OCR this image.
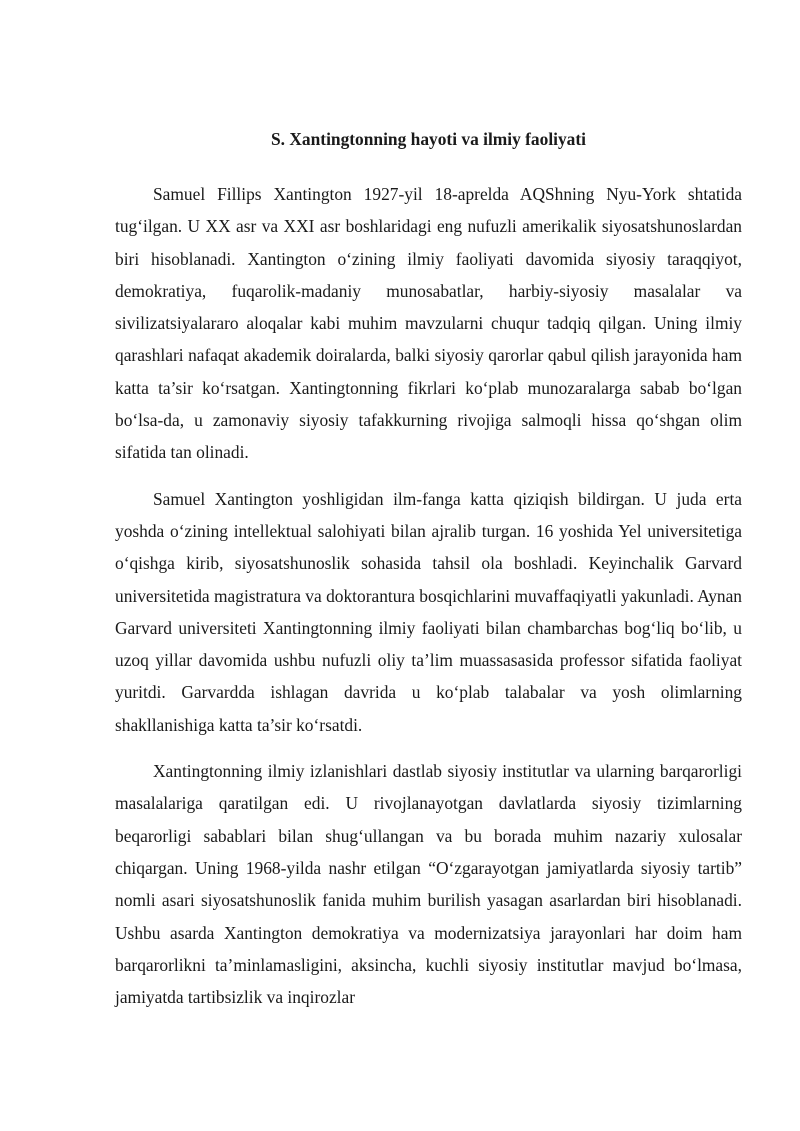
S. Xantingtonning hayoti va ilmiy faoliyati

Samuel Fillips Xantington 1927-yil 18-aprelda AQShning Nyu-York shtatida tug‘ilgan. U XX asr va XXI asr boshlaridagi eng nufuzli amerikalik siyosatshunoslardan biri hisoblanadi. Xantington o‘zining ilmiy faoliyati davomida siyosiy taraqqiyot, demokratiya, fuqarolik-madaniy munosabatlar, harbiy-siyosiy masalalar va sivilizatsiyalararo aloqalar kabi muhim mavzularni chuqur tadqiq qilgan. Uning ilmiy qarashlari nafaqat akademik doiralarda, balki siyosiy qarorlar qabul qilish jarayonida ham katta ta’sir ko‘rsatgan. Xantingtonning fikrlari ko‘plab munozaralarga sabab bo‘lgan bo‘lsa-da, u zamonaviy siyosiy tafakkurning rivojiga salmoqli hissa qo‘shgan olim sifatida tan olinadi.

Samuel Xantington yoshligidan ilm-fanga katta qiziqish bildirgan. U juda erta yoshda o‘zining intellektual salohiyati bilan ajralib turgan. 16 yoshida Yel universitetiga o‘qishga kirib, siyosatshunoslik sohasida tahsil ola boshladi. Keyinchalik Garvard universitetida magistratura va doktorantura bosqichlarini muvaffaqiyatli yakunladi. Aynan Garvard universiteti Xantingtonning ilmiy faoliyati bilan chambarchas bog‘liq bo‘lib, u uzoq yillar davomida ushbu nufuzli oliy ta’lim muassasasida professor sifatida faoliyat yuritdi. Garvardda ishlagan davrida u ko‘plab talabalar va yosh olimlarning shakllanishiga katta ta’sir ko‘rsatdi.

Xantingtonning ilmiy izlanishlari dastlab siyosiy institutlar va ularning barqarorligi masalalariga qaratilgan edi. U rivojlanayotgan davlatlarda siyosiy tizimlarning beqarorligi sabablari bilan shug‘ullangan va bu borada muhim nazariy xulosalar chiqargan. Uning 1968-yilda nashr etilgan “O‘zgarayotgan jamiyatlarda siyosiy tartib” nomli asari siyosatshunoslik fanida muhim burilish yasagan asarlardan biri hisoblanadi. Ushbu asarda Xantington demokratiya va modernizatsiya jarayonlari har doim ham barqarorlikni ta’minlamasligini, aksincha, kuchli siyosiy institutlar mavjud bo‘lmasa, jamiyatda tartibsizlik va inqirozlar
